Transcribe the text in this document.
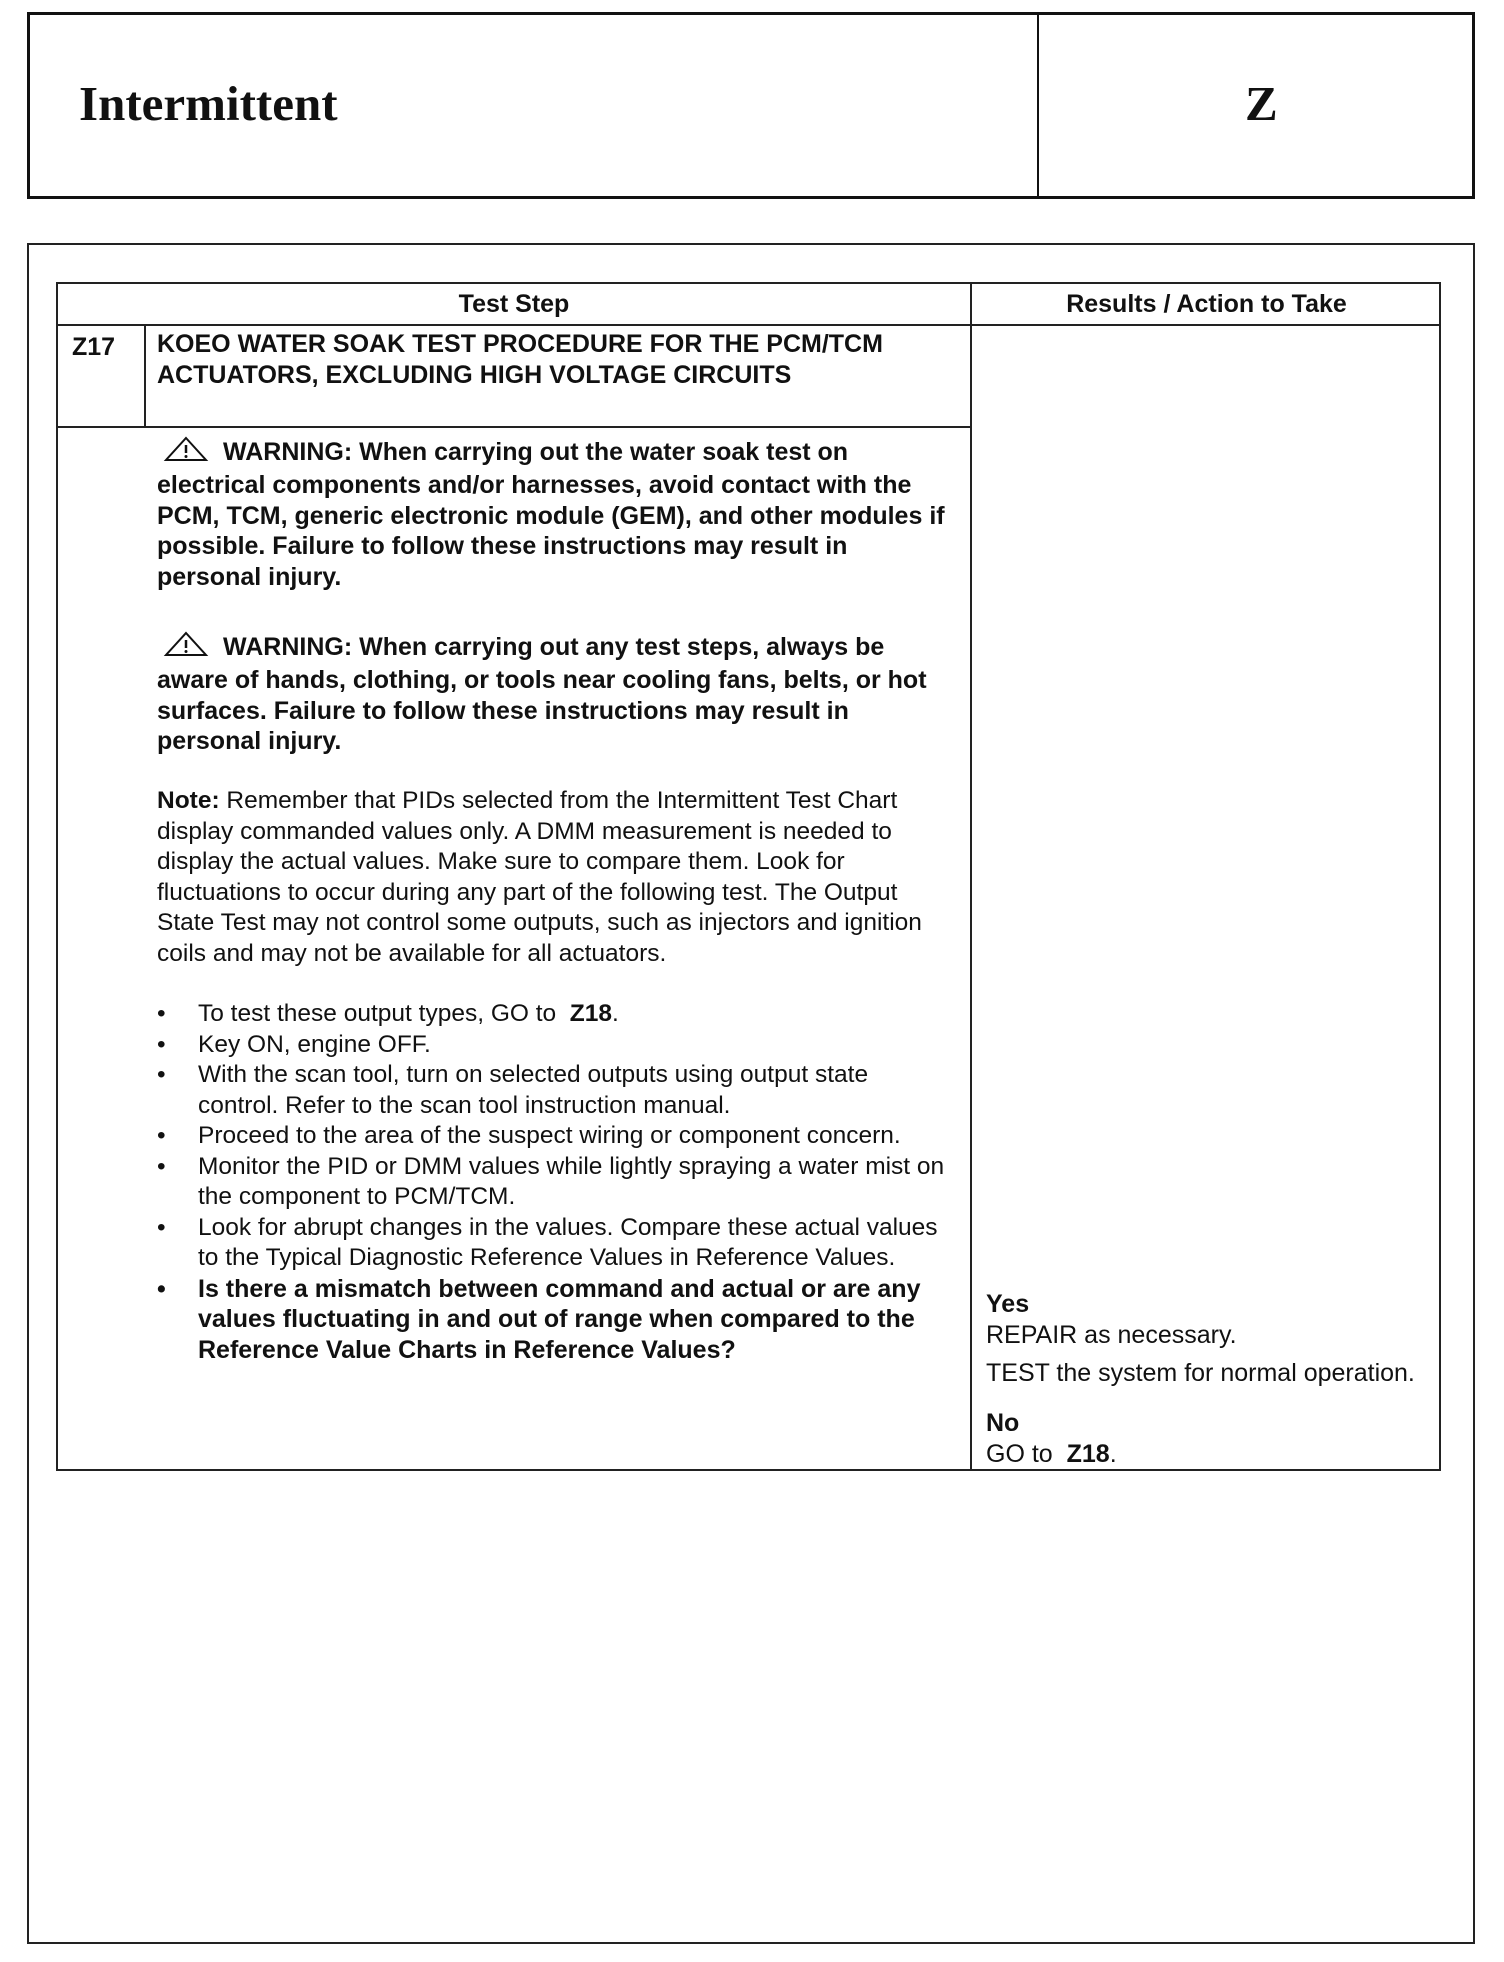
Intermittent	Z
Test Step	Results / Action to Take
Z17 KOEO WATER SOAK TEST PROCEDURE FOR THE PCM/TCM ACTUATORS, EXCLUDING HIGH VOLTAGE CIRCUITS

WARNING: When carrying out the water soak test on electrical components and/or harnesses, avoid contact with the PCM, TCM, generic electronic module (GEM), and other modules if possible. Failure to follow these instructions may result in personal injury.

WARNING: When carrying out any test steps, always be aware of hands, clothing, or tools near cooling fans, belts, or hot surfaces. Failure to follow these instructions may result in personal injury.

Note: Remember that PIDs selected from the Intermittent Test Chart display commanded values only. A DMM measurement is needed to display the actual values. Make sure to compare them. Look for fluctuations to occur during any part of the following test. The Output State Test may not control some outputs, such as injectors and ignition coils and may not be available for all actuators.

• To test these output types, GO to Z18.
• Key ON, engine OFF.
• With the scan tool, turn on selected outputs using output state control. Refer to the scan tool instruction manual.
• Proceed to the area of the suspect wiring or component concern.
• Monitor the PID or DMM values while lightly spraying a water mist on the component to PCM/TCM.
• Look for abrupt changes in the values. Compare these actual values to the Typical Diagnostic Reference Values in Reference Values.
• Is there a mismatch between command and actual or are any values fluctuating in and out of range when compared to the Reference Value Charts in Reference Values?
Yes
REPAIR as necessary.
TEST the system for normal operation.
No
GO to Z18.
